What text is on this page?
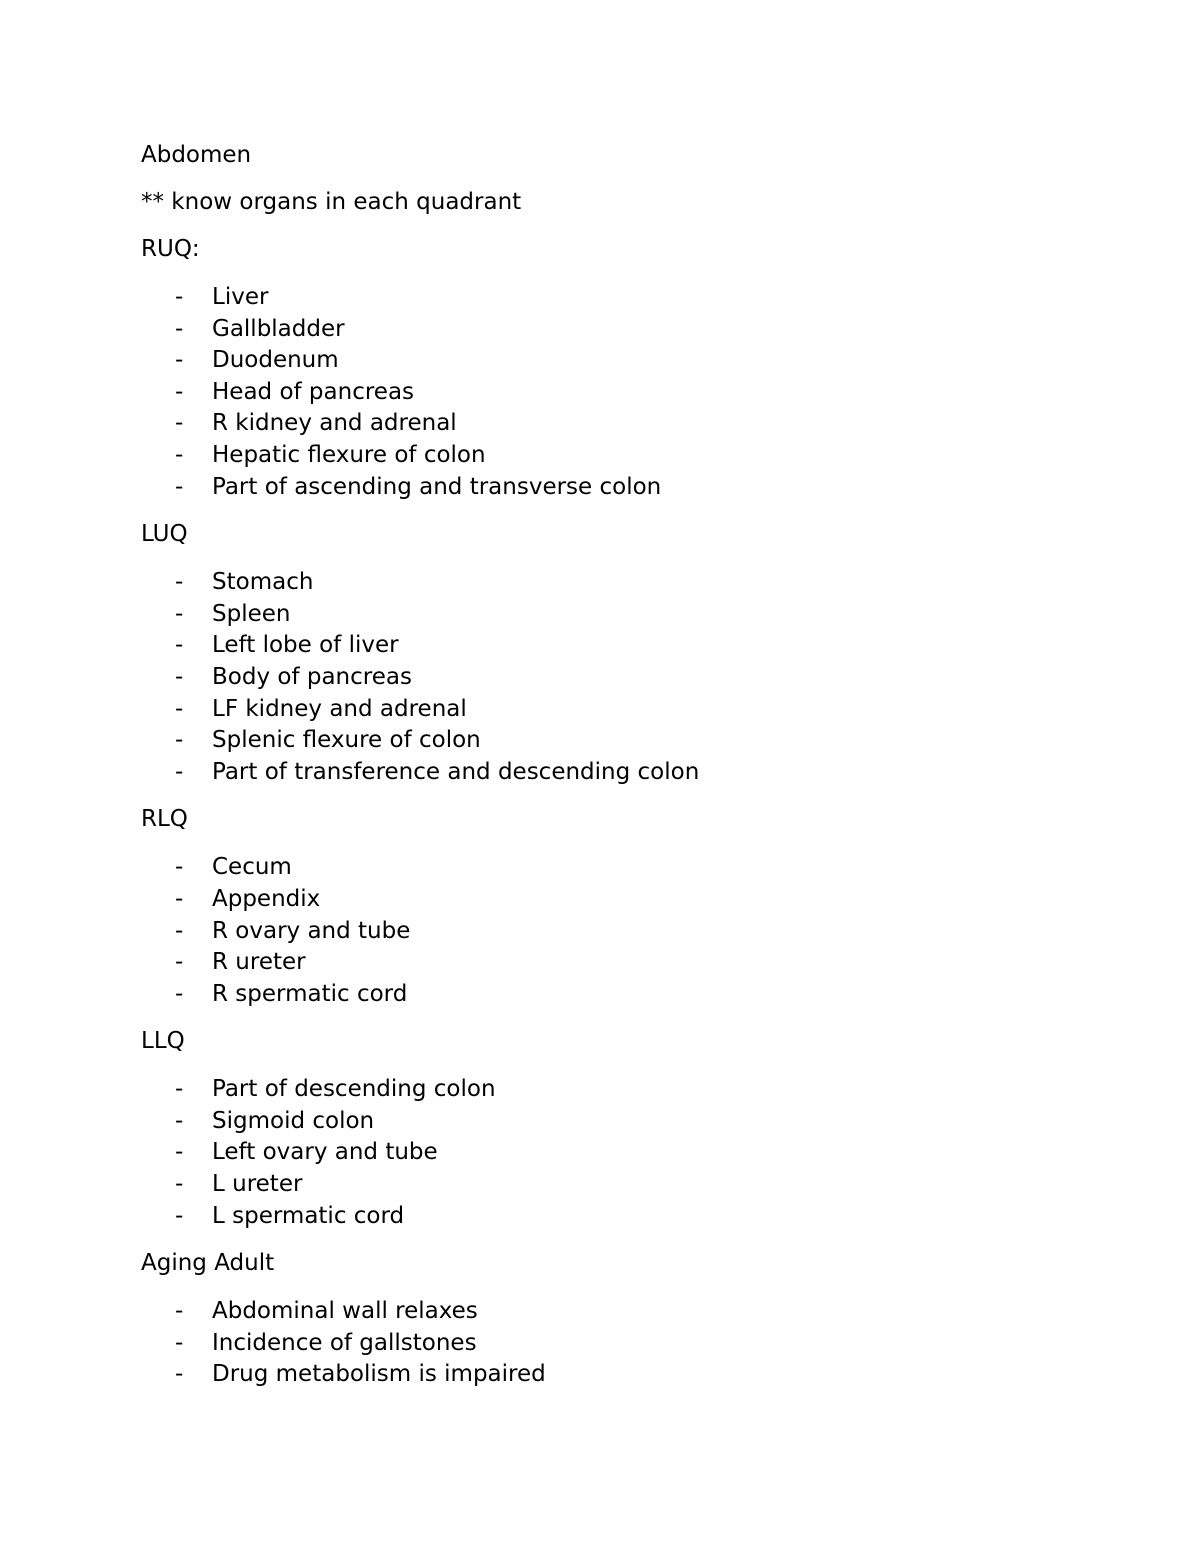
Abdomen
** know organs in each quadrant
RUQ:
- Liver
- Gallbladder
- Duodenum
- Head of pancreas
- R kidney and adrenal
- Hepatic flexure of colon
- Part of ascending and transverse colon
LUQ
- Stomach
- Spleen
- Left lobe of liver
- Body of pancreas
- LF kidney and adrenal
- Splenic flexure of colon
- Part of transference and descending colon
RLQ
- Cecum
- Appendix
- R ovary and tube
- R ureter
- R spermatic cord
LLQ
- Part of descending colon
- Sigmoid colon
- Left ovary and tube
- L ureter
- L spermatic cord
Aging Adult
- Abdominal wall relaxes
- Incidence of gallstones
- Drug metabolism is impaired
